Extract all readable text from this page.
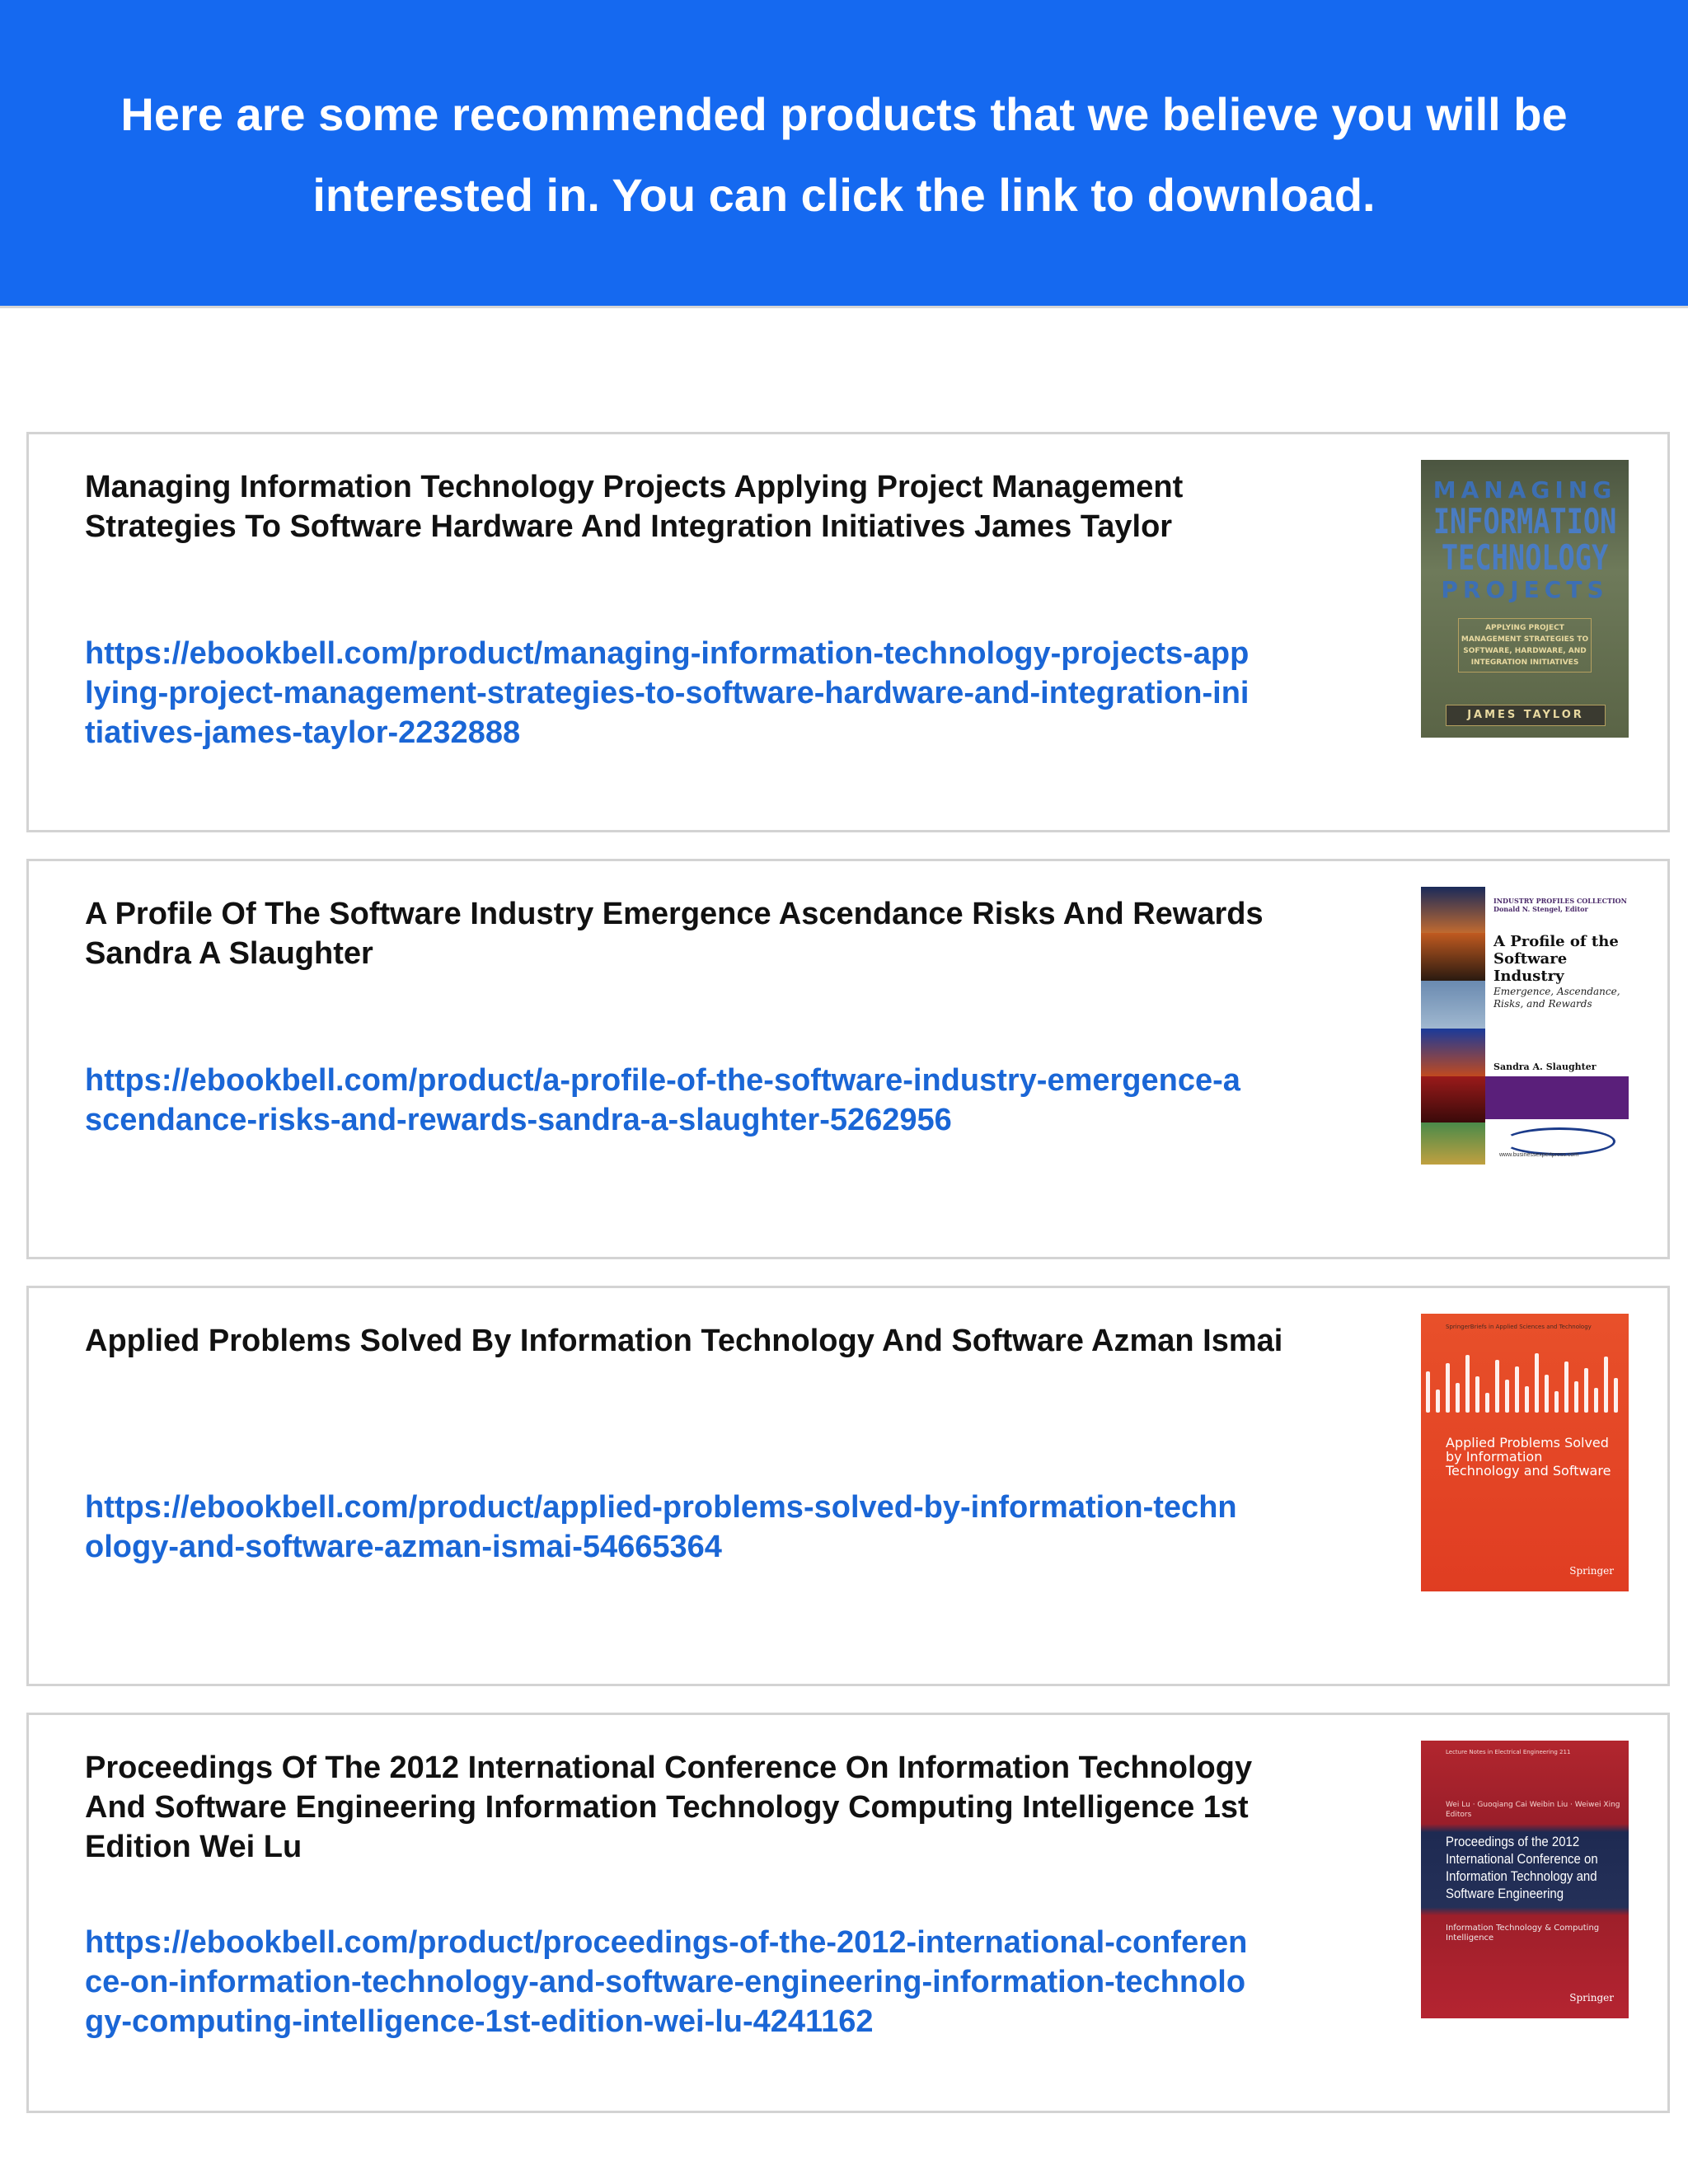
Here are some recommended products that we believe you will be interested in. You can click the link to download.
Managing Information Technology Projects Applying Project Management Strategies To Software Hardware And Integration Initiatives James Taylor
https://ebookbell.com/product/managing-information-technology-projects-applying-project-management-strategies-to-software-hardware-and-integration-initiatives-james-taylor-2232888
MANAGING
INFORMATION TECHNOLOGY
PROJECTS
APPLYING PROJECT MANAGEMENT STRATEGIES TO SOFTWARE, HARDWARE, AND INTEGRATION INITIATIVES
JAMES TAYLOR
A Profile Of The Software Industry Emergence Ascendance Risks And Rewards Sandra A Slaughter
https://ebookbell.com/product/a-profile-of-the-software-industry-emergence-ascendance-risks-and-rewards-sandra-a-slaughter-5262956
INDUSTRY PROFILES COLLECTION Donald N. Stengel, Editor
A Profile of the Software Industry
Emergence, Ascendance, Risks, and Rewards
Sandra A. Slaughter
www.businessexpertpress.com
Applied Problems Solved By Information Technology And Software Azman Ismai
https://ebookbell.com/product/applied-problems-solved-by-information-technology-and-software-azman-ismai-54665364
SpringerBriefs in Applied Sciences and Technology
Applied Problems Solved by Information Technology and Software
Springer
Proceedings Of The 2012 International Conference On Information Technology And Software Engineering Information Technology Computing Intelligence 1st Edition Wei Lu
https://ebookbell.com/product/proceedings-of-the-2012-international-conference-on-information-technology-and-software-engineering-information-technology-computing-intelligence-1st-edition-wei-lu-4241162
Lecture Notes in Electrical Engineering 211
Wei Lu · Guoqiang Cai Weibin Liu · Weiwei Xing Editors
Proceedings of the 2012 International Conference on Information Technology and Software Engineering
Information Technology & Computing Intelligence
Springer
